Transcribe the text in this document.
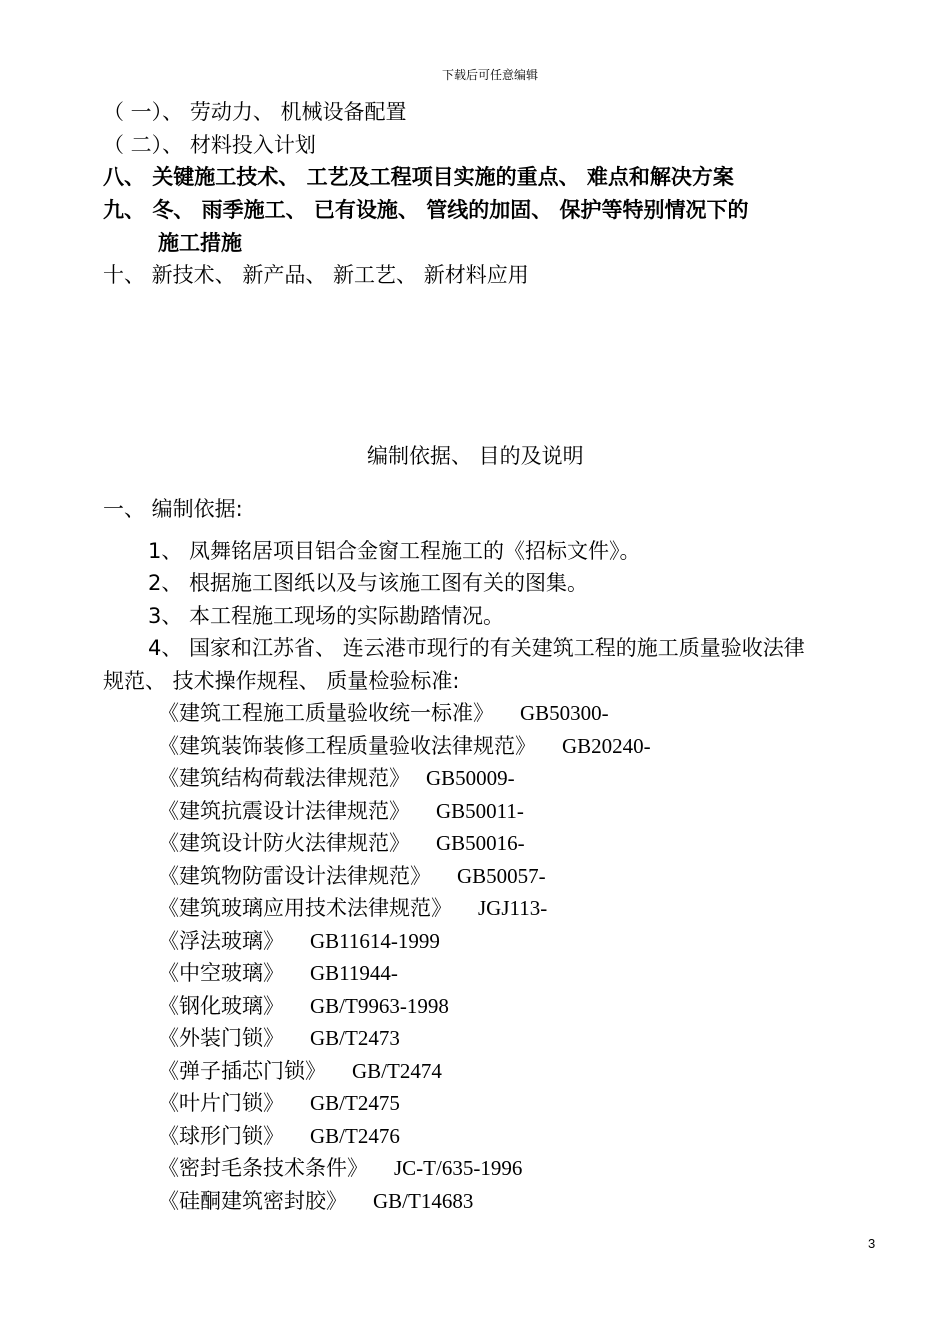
下载后可任意编辑
（ 一）、 劳动力、 机械设备配置
（ 二）、 材料投入计划
八、 关键施工技术、 工艺及工程项目实施的重点、 难点和解决方案
九、 冬、 雨季施工、 已有设施、 管线的加固、 保护等特别情况下的
施工措施
十、 新技术、 新产品、 新工艺、 新材料应用
编制依据、 目的及说明
一、 编制依据:
1、 凤舞铭居项目铝合金窗工程施工的《招标文件》。
2、 根据施工图纸以及与该施工图有关的图集。
3、 本工程施工现场的实际勘踏情况。
4、 国家和江苏省、 连云港市现行的有关建筑工程的施工质量验收法律
规范、 技术操作规程、 质量检验标准:
《建筑工程施工质量验收统一标准》 GB50300-
《建筑装饰装修工程质量验收法律规范》 GB20240-
《建筑结构荷载法律规范》 GB50009-
《建筑抗震设计法律规范》 GB50011-
《建筑设计防火法律规范》 GB50016-
《建筑物防雷设计法律规范》 GB50057-
《建筑玻璃应用技术法律规范》 JGJ113-
《浮法玻璃》 GB11614-1999
《中空玻璃》 GB11944-
《钢化玻璃》 GB/T9963-1998
《外装门锁》 GB/T2473
《弹子插芯门锁》 GB/T2474
《叶片门锁》 GB/T2475
《球形门锁》 GB/T2476
《密封毛条技术条件》 JC-T/635-1996
《硅酮建筑密封胶》 GB/T14683
3
